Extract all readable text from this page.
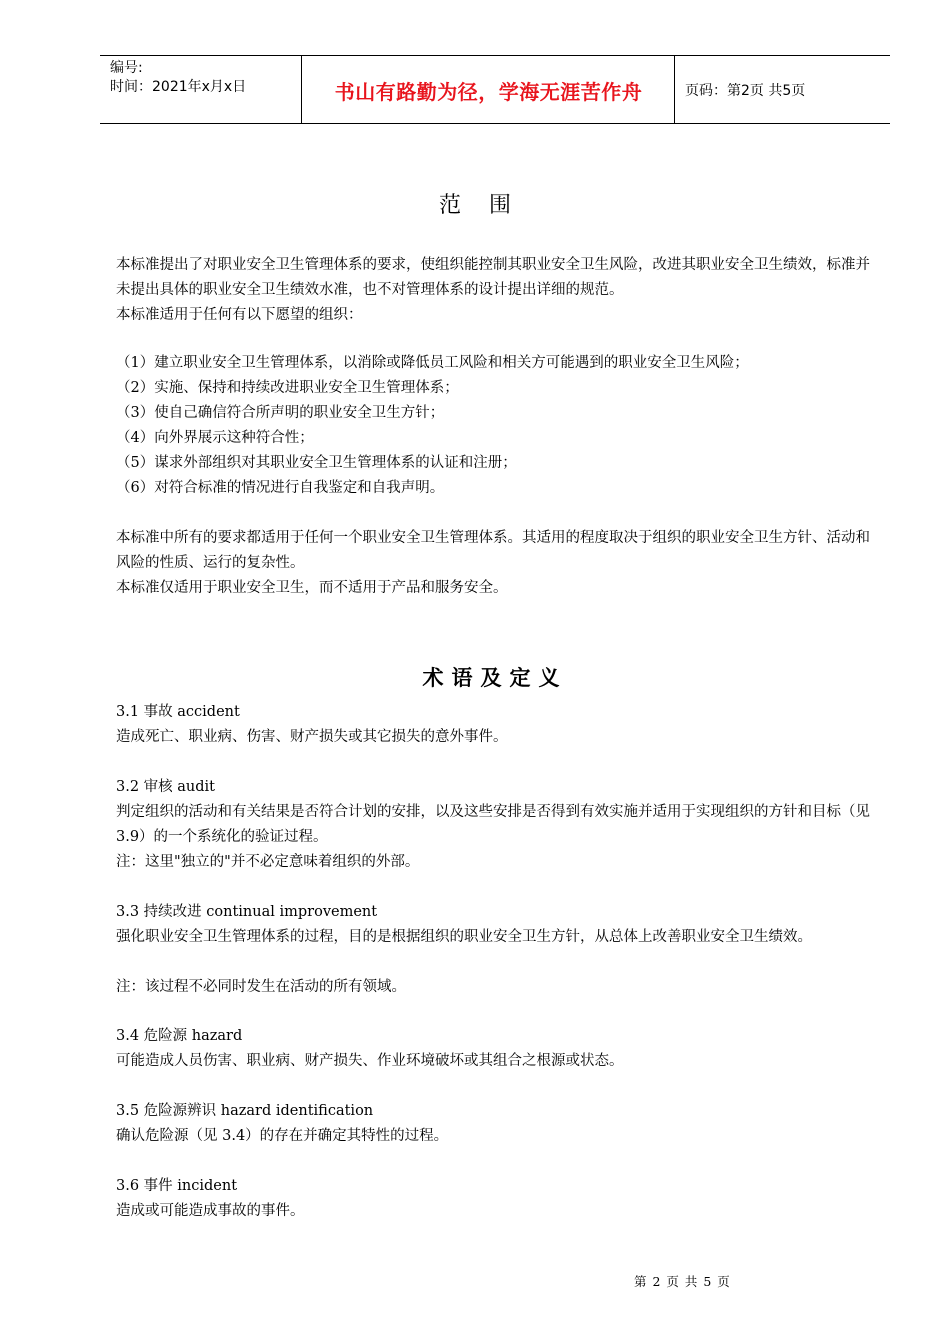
编号:
时间：2021年x月x日	书山有路勤为径，学海无涯苦作舟	页码：第2页 共5页
范    围
本标准提出了对职业安全卫生管理体系的要求，使组织能控制其职业安全卫生风险，改进其职业安全卫生绩效，标准并未提出具体的职业安全卫生绩效水准，也不对管理体系的设计提出详细的规范。
本标准适用于任何有以下愿望的组织：
（1）建立职业安全卫生管理体系，以消除或降低员工风险和相关方可能遇到的职业安全卫生风险；
（2）实施、保持和持续改进职业安全卫生管理体系；
（3）使自己确信符合所声明的职业安全卫生方针；
（4）向外界展示这种符合性；
（5）谋求外部组织对其职业安全卫生管理体系的认证和注册；
（6）对符合标准的情况进行自我鉴定和自我声明。
本标准中所有的要求都适用于任何一个职业安全卫生管理体系。其适用的程度取决于组织的职业安全卫生方针、活动和风险的性质、运行的复杂性。
本标准仅适用于职业安全卫生，而不适用于产品和服务安全。
术语及定义
3.1 事故 accident
造成死亡、职业病、伤害、财产损失或其它损失的意外事件。
3.2 审核 audit
判定组织的活动和有关结果是否符合计划的安排，以及这些安排是否得到有效实施并适用于实现组织的方针和目标（见 3.9）的一个系统化的验证过程。
注：这里"独立的"并不必定意味着组织的外部。
3.3 持续改进 continual improvement
强化职业安全卫生管理体系的过程，目的是根据组织的职业安全卫生方针，从总体上改善职业安全卫生绩效。
注：该过程不必同时发生在活动的所有领域。
3.4 危险源 hazard
可能造成人员伤害、职业病、财产损失、作业环境破坏或其组合之根源或状态。
3.5 危险源辨识 hazard identification
确认危险源（见 3.4）的存在并确定其特性的过程。
3.6 事件 incident
造成或可能造成事故的事件。
第 2 页 共 5 页
